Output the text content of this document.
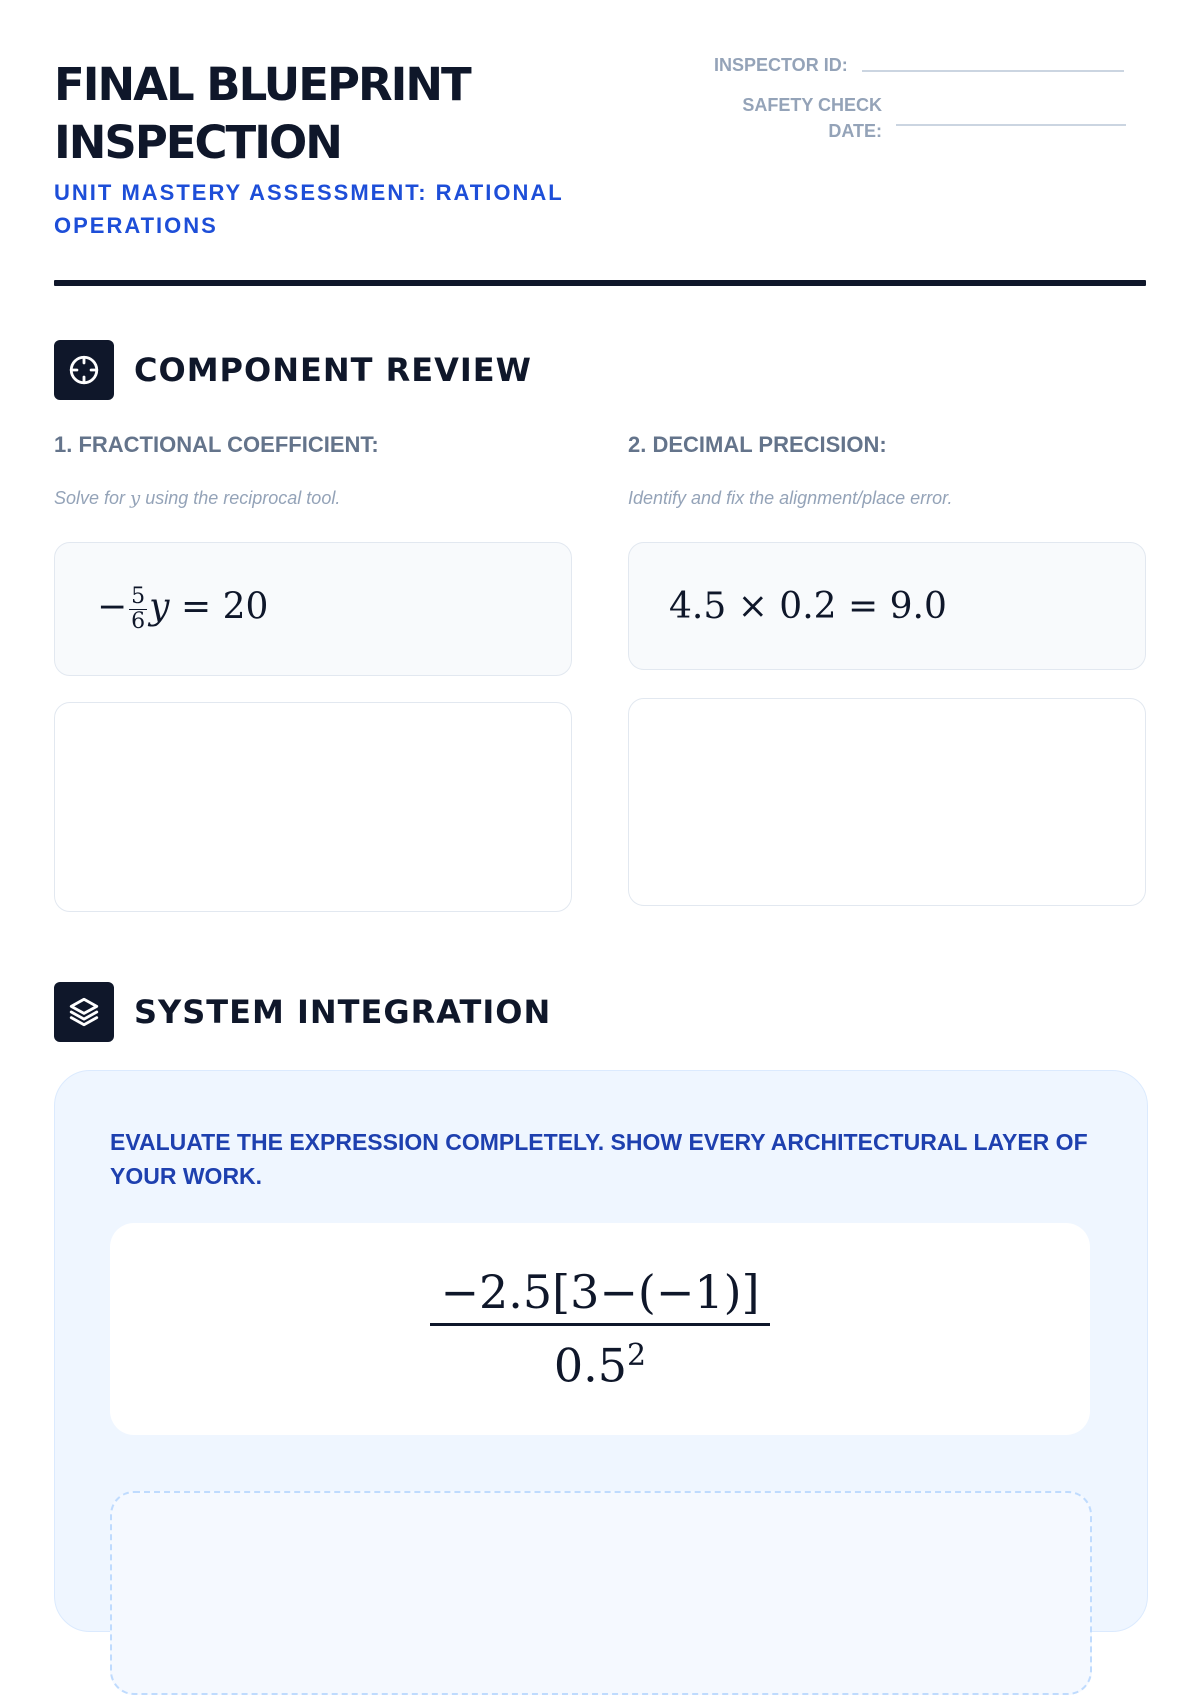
FINAL BLUEPRINT INSPECTION
UNIT MASTERY ASSESSMENT: RATIONAL OPERATIONS
INSPECTOR ID:
SAFETY CHECK
DATE:
COMPONENT REVIEW
1. FRACTIONAL COEFFICIENT:
Solve for y using the reciprocal tool.
− $\frac{5}{6}$ y = 20
2. DECIMAL PRECISION:
Identify and fix the alignment/place error.
4.5 × 0.2 = 9.0
SYSTEM INTEGRATION
EVALUATE THE EXPRESSION COMPLETELY. SHOW EVERY ARCHITECTURAL LAYER OF YOUR WORK.
$\frac{-2.5[3-(-1)]}{0.5^2}$
